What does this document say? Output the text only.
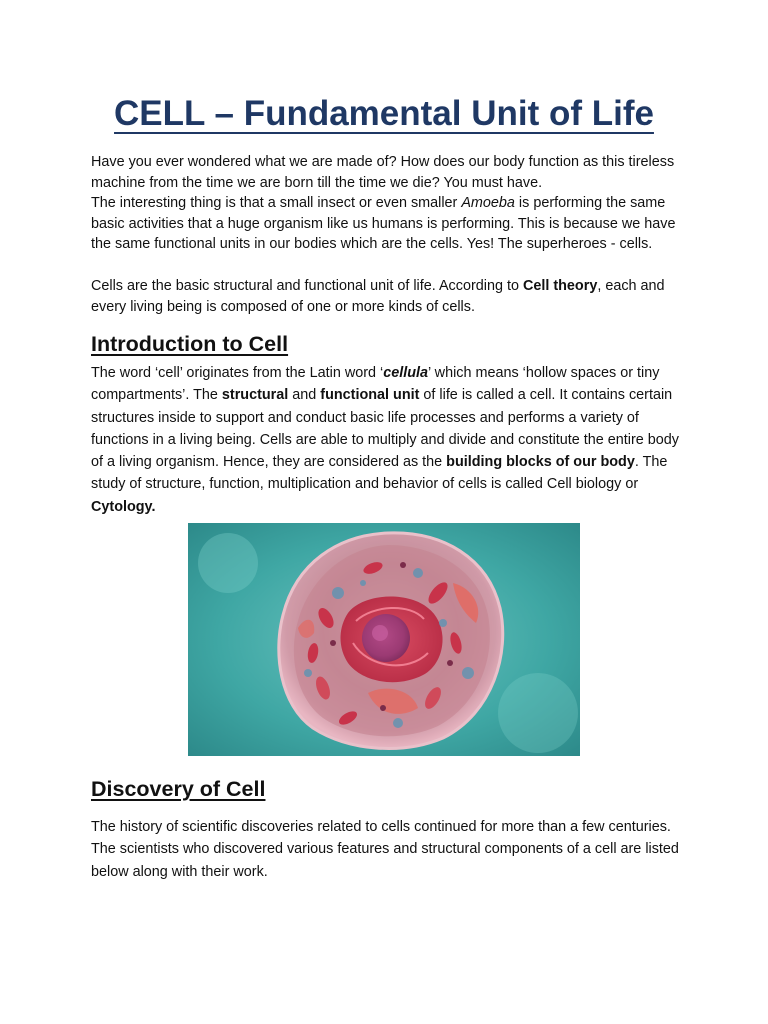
CELL – Fundamental Unit of Life

Have you ever wondered what we are made of? How does our body function as this tireless machine from the time we are born till the time we die? You must have.

The interesting thing is that a small insect or even smaller Amoeba is performing the same basic activities that a huge organism like us humans is performing. This is because we have the same functional units in our bodies which are the cells. Yes! The superheroes - cells.

Cells are the basic structural and functional unit of life. According to Cell theory, each and every living being is composed of one or more kinds of cells.

Introduction to Cell

The word ‘cell’ originates from the Latin word ‘cellula’ which means ‘hollow spaces or tiny compartments’. The structural and functional unit of life is called a cell. It contains certain structures inside to support and conduct basic life processes and performs a variety of functions in a living being. Cells are able to multiply and divide and constitute the entire body of a living organism. Hence, they are considered as the building blocks of our body. The study of structure, function, multiplication and behavior of cells is called Cell biology or Cytology.

Discovery of Cell

The history of scientific discoveries related to cells continued for more than a few centuries. The scientists who discovered various features and structural components of a cell are listed below along with their work.
